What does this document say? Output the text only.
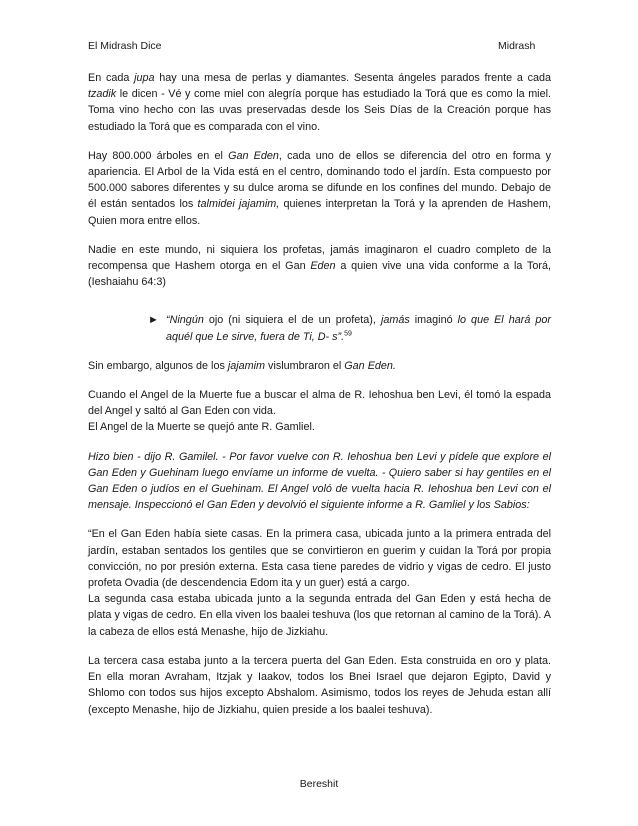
El Midrash Dice	Midrash

En cada jupa hay una mesa de perlas y diamantes. Sesenta ángeles parados frente a cada tzadik le dicen - Vé y come miel con alegría porque has estudiado la Torá que es como la miel. Toma vino hecho con las uvas preservadas desde los Seis Días de la Creación porque has estudiado la Torá que es comparada con el vino.

Hay 800.000 árboles en el Gan Eden, cada uno de ellos se diferencia del otro en forma y apariencia. El Arbol de la Vida está en el centro, dominando todo el jardín. Esta compuesto por 500.000 sabores diferentes y su dulce aroma se difunde en los confines del mundo. Debajo de él están sentados los talmidei jajamim, quienes interpretan la Torá y la aprenden de Hashem, Quien mora entre ellos.

Nadie en este mundo, ni siquiera los profetas, jamás imaginaron el cuadro completo de la recompensa que Hashem otorga en el Gan Eden a quien vive una vida conforme a la Torá, (Ieshaiahu 64:3)

► “Ningún ojo (ni siquiera el de un profeta), jamás imaginó lo que El hará por aquél que Le sirve, fuera de Ti, D- s”.$^{59}$

Sin embargo, algunos de los jajamim vislumbraron el Gan Eden.

Cuando el Angel de la Muerte fue a buscar el alma de R. Iehoshua ben Levi, él tomó la espada del Angel y saltó al Gan Eden con vida.

El Angel de la Muerte se quejó ante R. Gamliel.

Hizo bien - dijo R. Gamilel. - Por favor vuelve con R. Iehoshua ben Levi y pídele que explore el Gan Eden y Guehinam luego envíame un informe de vuelta. - Quiero saber si hay gentiles en el Gan Eden o judíos en el Guehinam. El Angel voló de vuelta hacia R. Iehoshua ben Levi con el mensaje. Inspeccionó el Gan Eden y devolvió el siguiente informe a R. Gamliel y los Sabios:

“En el Gan Eden había siete casas. En la primera casa, ubicada junto a la primera entrada del jardín, estaban sentados los gentiles que se convirtieron en guerim y cuidan la Torá por propia convicción, no por presión externa. Esta casa tiene paredes de vidrio y vigas de cedro. El justo profeta Ovadia (de descendencia Edom ita y un guer) está a cargo.

La segunda casa estaba ubicada junto a la segunda entrada del Gan Eden y está hecha de plata y vigas de cedro. En ella viven los baalei teshuva (los que retornan al camino de la Torá). A la cabeza de ellos está Menashe, hijo de Jizkiahu.

La tercera casa estaba junto a la tercera puerta del Gan Eden. Esta construida en oro y plata. En ella moran Avraham, Itzjak y Iaakov, todos los Bnei Israel que dejaron Egipto, David y Shlomo con todos sus hijos excepto Abshalom. Asimismo, todos los reyes de Jehuda estan allí (excepto Menashe, hijo de Jizkiahu, quien preside a los baalei teshuva).

Bereshit
